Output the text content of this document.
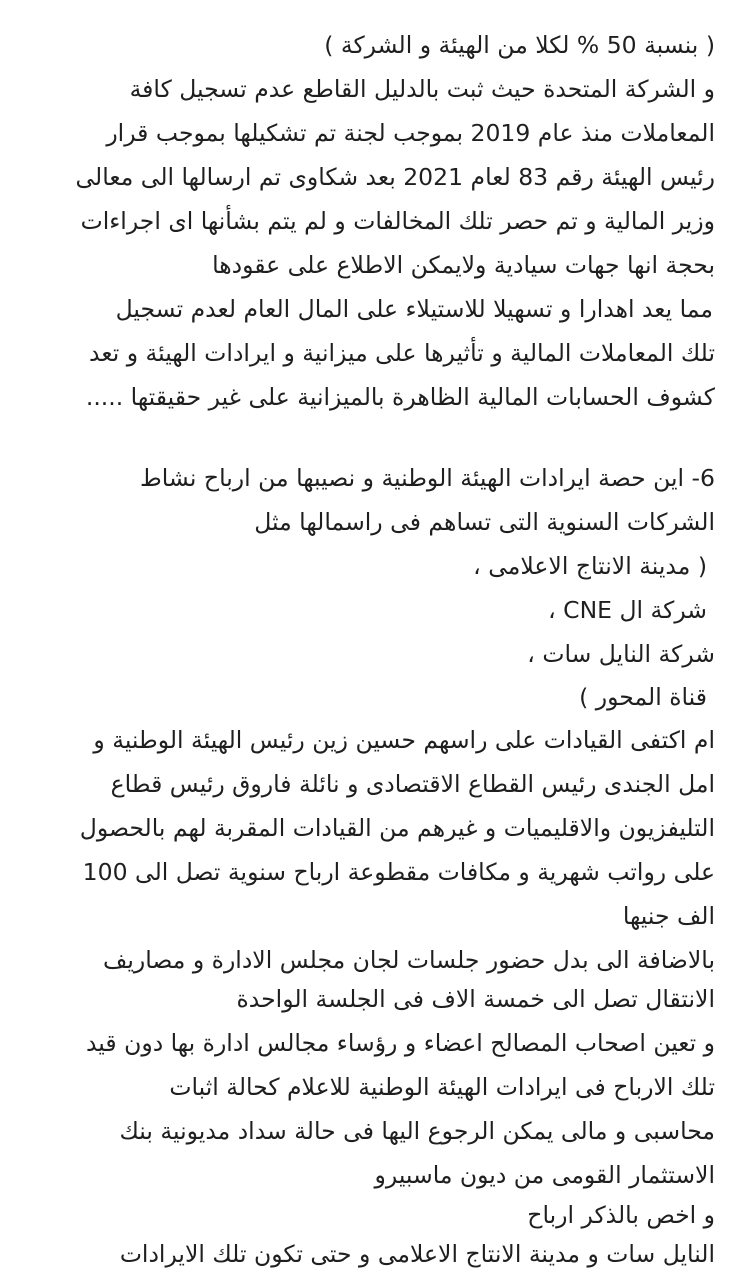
( بنسبة 50 % لكلا من الهيئة و الشركة )
و الشركة المتحدة حيث ثبت بالدليل القاطع عدم تسجيل كافة
المعاملات منذ عام 2019 بموجب لجنة تم تشكيلها بموجب قرار
رئيس الهيئة رقم 83 لعام 2021 بعد شكاوى تم ارسالها الى معالى
وزير المالية و تم حصر تلك المخالفات و لم يتم بشأنها اى اجراءات
بحجة انها جهات سيادية ولايمكن الاطلاع على عقودها
مما يعد اهدارا و تسهيلا للاستيلاء على المال العام لعدم تسجيل
تلك المعاملات المالية و تأثيرها على ميزانية و ايرادات الهيئة و تعد
كشوف الحسابات المالية الظاهرة بالميزانية على غير حقيقتها .....
6- اين حصة ايرادات الهيئة الوطنية و نصيبها من ارباح نشاط
الشركات السنوية التى تساهم فى راسمالها مثل
( مدينة الانتاج الاعلامى ،
شركة ال CNE ،
شركة النايل سات ،
قناة المحور )
ام اكتفى القيادات على راسهم حسين زين رئيس الهيئة الوطنية و
امل الجندى رئيس القطاع الاقتصادى و نائلة فاروق رئيس قطاع
التليفزيون والاقليميات و غيرهم من القيادات المقربة لهم بالحصول
على رواتب شهرية و مكافات مقطوعة ارباح سنوية تصل الى 100
الف جنيها
بالاضافة الى بدل حضور جلسات لجان مجلس الادارة و مصاريف
الانتقال تصل الى خمسة الاف فى الجلسة الواحدة
و تعين اصحاب المصالح اعضاء و رؤساء مجالس ادارة بها دون قيد
تلك الارباح فى ايرادات الهيئة الوطنية للاعلام كحالة اثبات
محاسبى و مالى يمكن الرجوع اليها فى حالة سداد مديونية بنك
الاستثمار القومى من ديون ماسبيرو
و اخص بالذكر ارباح
النايل سات و مدينة الانتاج الاعلامى و حتى تكون تلك الايرادات
